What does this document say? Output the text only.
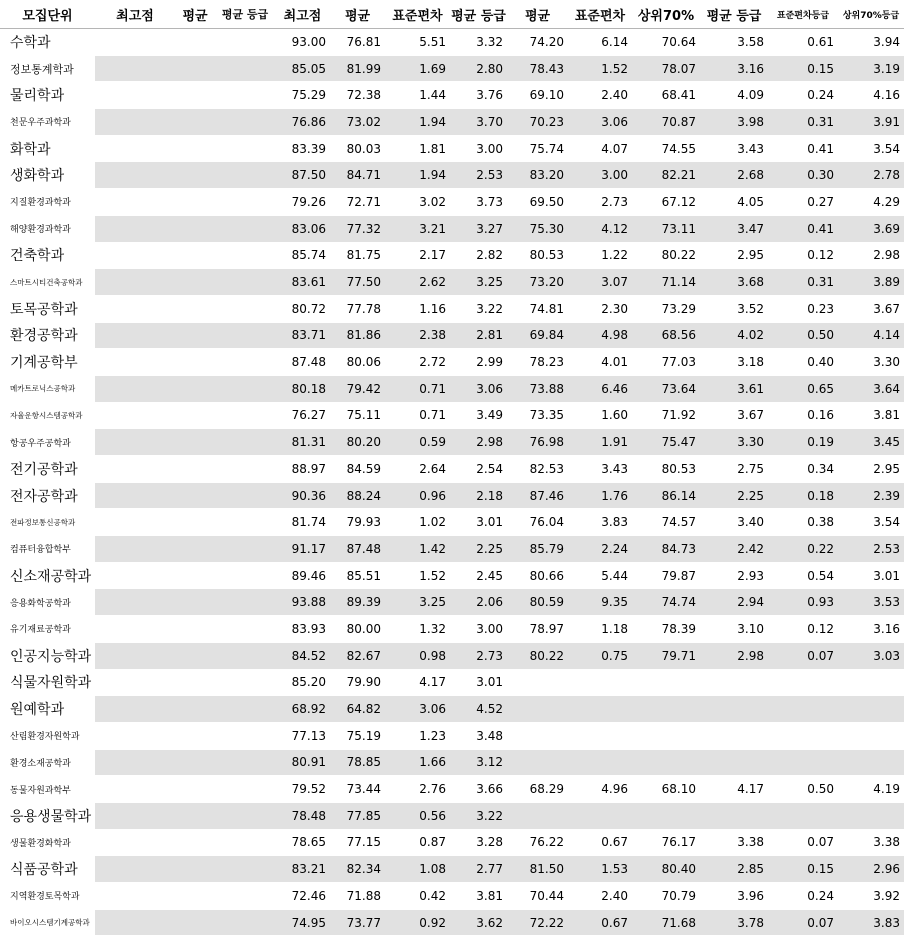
모집단위	최고점	평균	평균 등급	최고점	평균	표준편차	평균 등급	평균	표준편차	상위70%	평균 등급	표준편차등급	상위70%등급
수학과				93.00	76.81	5.51	3.32	74.20	6.14	70.64	3.58	0.61	3.94
정보통계학과				85.05	81.99	1.69	2.80	78.43	1.52	78.07	3.16	0.15	3.19
물리학과				75.29	72.38	1.44	3.76	69.10	2.40	68.41	4.09	0.24	4.16
천문우주과학과				76.86	73.02	1.94	3.70	70.23	3.06	70.87	3.98	0.31	3.91
화학과				83.39	80.03	1.81	3.00	75.74	4.07	74.55	3.43	0.41	3.54
생화학과				87.50	84.71	1.94	2.53	83.20	3.00	82.21	2.68	0.30	2.78
지질환경과학과				79.26	72.71	3.02	3.73	69.50	2.73	67.12	4.05	0.27	4.29
해양환경과학과				83.06	77.32	3.21	3.27	75.30	4.12	73.11	3.47	0.41	3.69
건축학과				85.74	81.75	2.17	2.82	80.53	1.22	80.22	2.95	0.12	2.98
스마트시티건축공학과				83.61	77.50	2.62	3.25	73.20	3.07	71.14	3.68	0.31	3.89
토목공학과				80.72	77.78	1.16	3.22	74.81	2.30	73.29	3.52	0.23	3.67
환경공학과				83.71	81.86	2.38	2.81	69.84	4.98	68.56	4.02	0.50	4.14
기계공학부				87.48	80.06	2.72	2.99	78.23	4.01	77.03	3.18	0.40	3.30
메카트로닉스공학과				80.18	79.42	0.71	3.06	73.88	6.46	73.64	3.61	0.65	3.64
자율운항시스템공학과				76.27	75.11	0.71	3.49	73.35	1.60	71.92	3.67	0.16	3.81
항공우주공학과				81.31	80.20	0.59	2.98	76.98	1.91	75.47	3.30	0.19	3.45
전기공학과				88.97	84.59	2.64	2.54	82.53	3.43	80.53	2.75	0.34	2.95
전자공학과				90.36	88.24	0.96	2.18	87.46	1.76	86.14	2.25	0.18	2.39
전파정보통신공학과				81.74	79.93	1.02	3.01	76.04	3.83	74.57	3.40	0.38	3.54
컴퓨터융합학부				91.17	87.48	1.42	2.25	85.79	2.24	84.73	2.42	0.22	2.53
신소재공학과				89.46	85.51	1.52	2.45	80.66	5.44	79.87	2.93	0.54	3.01
응용화학공학과				93.88	89.39	3.25	2.06	80.59	9.35	74.74	2.94	0.93	3.53
유기재료공학과				83.93	80.00	1.32	3.00	78.97	1.18	78.39	3.10	0.12	3.16
인공지능학과				84.52	82.67	0.98	2.73	80.22	0.75	79.71	2.98	0.07	3.03
식물자원학과				85.20	79.90	4.17	3.01						
원예학과				68.92	64.82	3.06	4.52						
산림환경자원학과				77.13	75.19	1.23	3.48						
환경소재공학과				80.91	78.85	1.66	3.12						
동물자원과학부				79.52	73.44	2.76	3.66	68.29	4.96	68.10	4.17	0.50	4.19
응용생물학과				78.48	77.85	0.56	3.22						
생물환경화학과				78.65	77.15	0.87	3.28	76.22	0.67	76.17	3.38	0.07	3.38
식품공학과				83.21	82.34	1.08	2.77	81.50	1.53	80.40	2.85	0.15	2.96
지역환경토목학과				72.46	71.88	0.42	3.81	70.44	2.40	70.79	3.96	0.24	3.92
바이오시스템기계공학과				74.95	73.77	0.92	3.62	72.22	0.67	71.68	3.78	0.07	3.83
